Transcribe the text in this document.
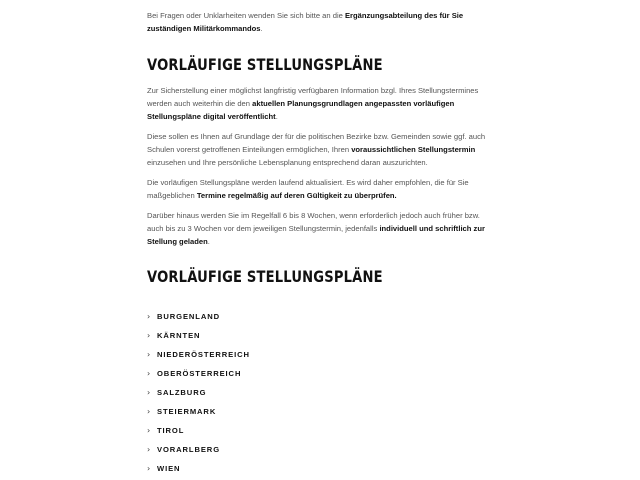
Bei Fragen oder Unklarheiten wenden Sie sich bitte an die Ergänzungsabteilung des für Sie zuständigen Militärkommandos.

VORLÄUFIGE STELLUNGSPLÄNE

Zur Sicherstellung einer möglichst langfristig verfügbaren Information bzgl. Ihres Stellungstermines werden auch weiterhin die den aktuellen Planungsgrundlagen angepassten vorläufigen Stellungspläne digital veröffentlicht.

Diese sollen es Ihnen auf Grundlage der für die politischen Bezirke bzw. Gemeinden sowie ggf. auch Schulen vorerst getroffenen Einteilungen ermöglichen, Ihren voraussichtlichen Stellungstermin einzusehen und Ihre persönliche Lebensplanung entsprechend daran auszurichten.

Die vorläufigen Stellungspläne werden laufend aktualisiert. Es wird daher empfohlen, die für Sie maßgeblichen Termine regelmäßig auf deren Gültigkeit zu überprüfen.

Darüber hinaus werden Sie im Regelfall 6 bis 8 Wochen, wenn erforderlich jedoch auch früher bzw. auch bis zu 3 Wochen vor dem jeweiligen Stellungstermin, jedenfalls individuell und schriftlich zur Stellung geladen.

VORLÄUFIGE STELLUNGSPLÄNE
› BURGENLAND
› KÄRNTEN
› NIEDERÖSTERREICH
› OBERÖSTERREICH
› SALZBURG
› STEIERMARK
› TIROL
› VORARLBERG
› WIEN
